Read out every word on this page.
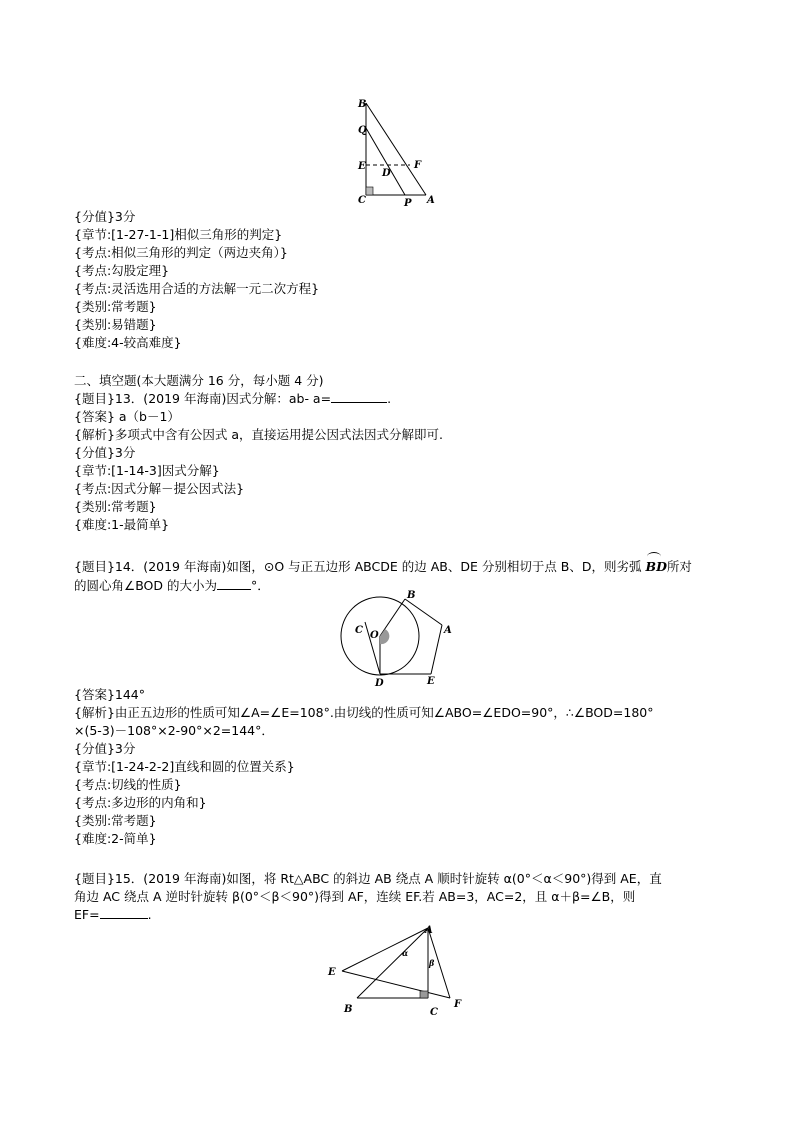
B
Q
E	F
D
C	P A
{分值}3分
{章节:[1-27-1-1]相似三角形的判定}
{考点:相似三角形的判定（两边夹角）}
{考点:勾股定理}
{考点:灵活选用合适的方法解一元二次方程}
{类别:常考题}
{类别:易错题}
{难度:4-较高难度}
二、填空题(本大题满分 16 分，每小题 4 分)
{题目}13．(2019 年海南)因式分解：ab- a=	.
{答案} a（b－1）
{解析}多项式中含有公因式 a，直接运用提公因式法因式分解即可.
{分值}3分
{章节:[1-14-3]因式分解}
{考点:因式分解－提公因式法}
{类别:常考题}
{难度:1-最简单}
{题目}14．(2019 年海南)如图，⊙O 与正五边形 ABCDE 的边 AB、DE 分别相切于点 B、D，则劣弧 BD所对
的圆心角∠BOD 的大小为	°．
B
C O	A
D	E
{答案}144°
{解析}由正五边形的性质可知∠A=∠E=108°.由切线的性质可知∠ABO=∠EDO=90°，∴∠BOD=180°
×(5-3)－108°×2-90°×2=144°．
{分值}3分
{章节:[1-24-2-2]直线和圆的位置关系}
{考点:切线的性质}
{考点:多边形的内角和}
{类别:常考题}
{难度:2-简单}
{题目}15．(2019 年海南)如图，将 Rt△ABC 的斜边 AB 绕点 A 顺时针旋转 α(0°＜α＜90°)得到 AE，直
角边 AC 绕点 A 逆时针旋转 β(0°＜β＜90°)得到 AF，连续 EF.若 AB=3，AC=2，且 α＋β=∠B，则
EF=	.
A
E
B	C
F
α
β
